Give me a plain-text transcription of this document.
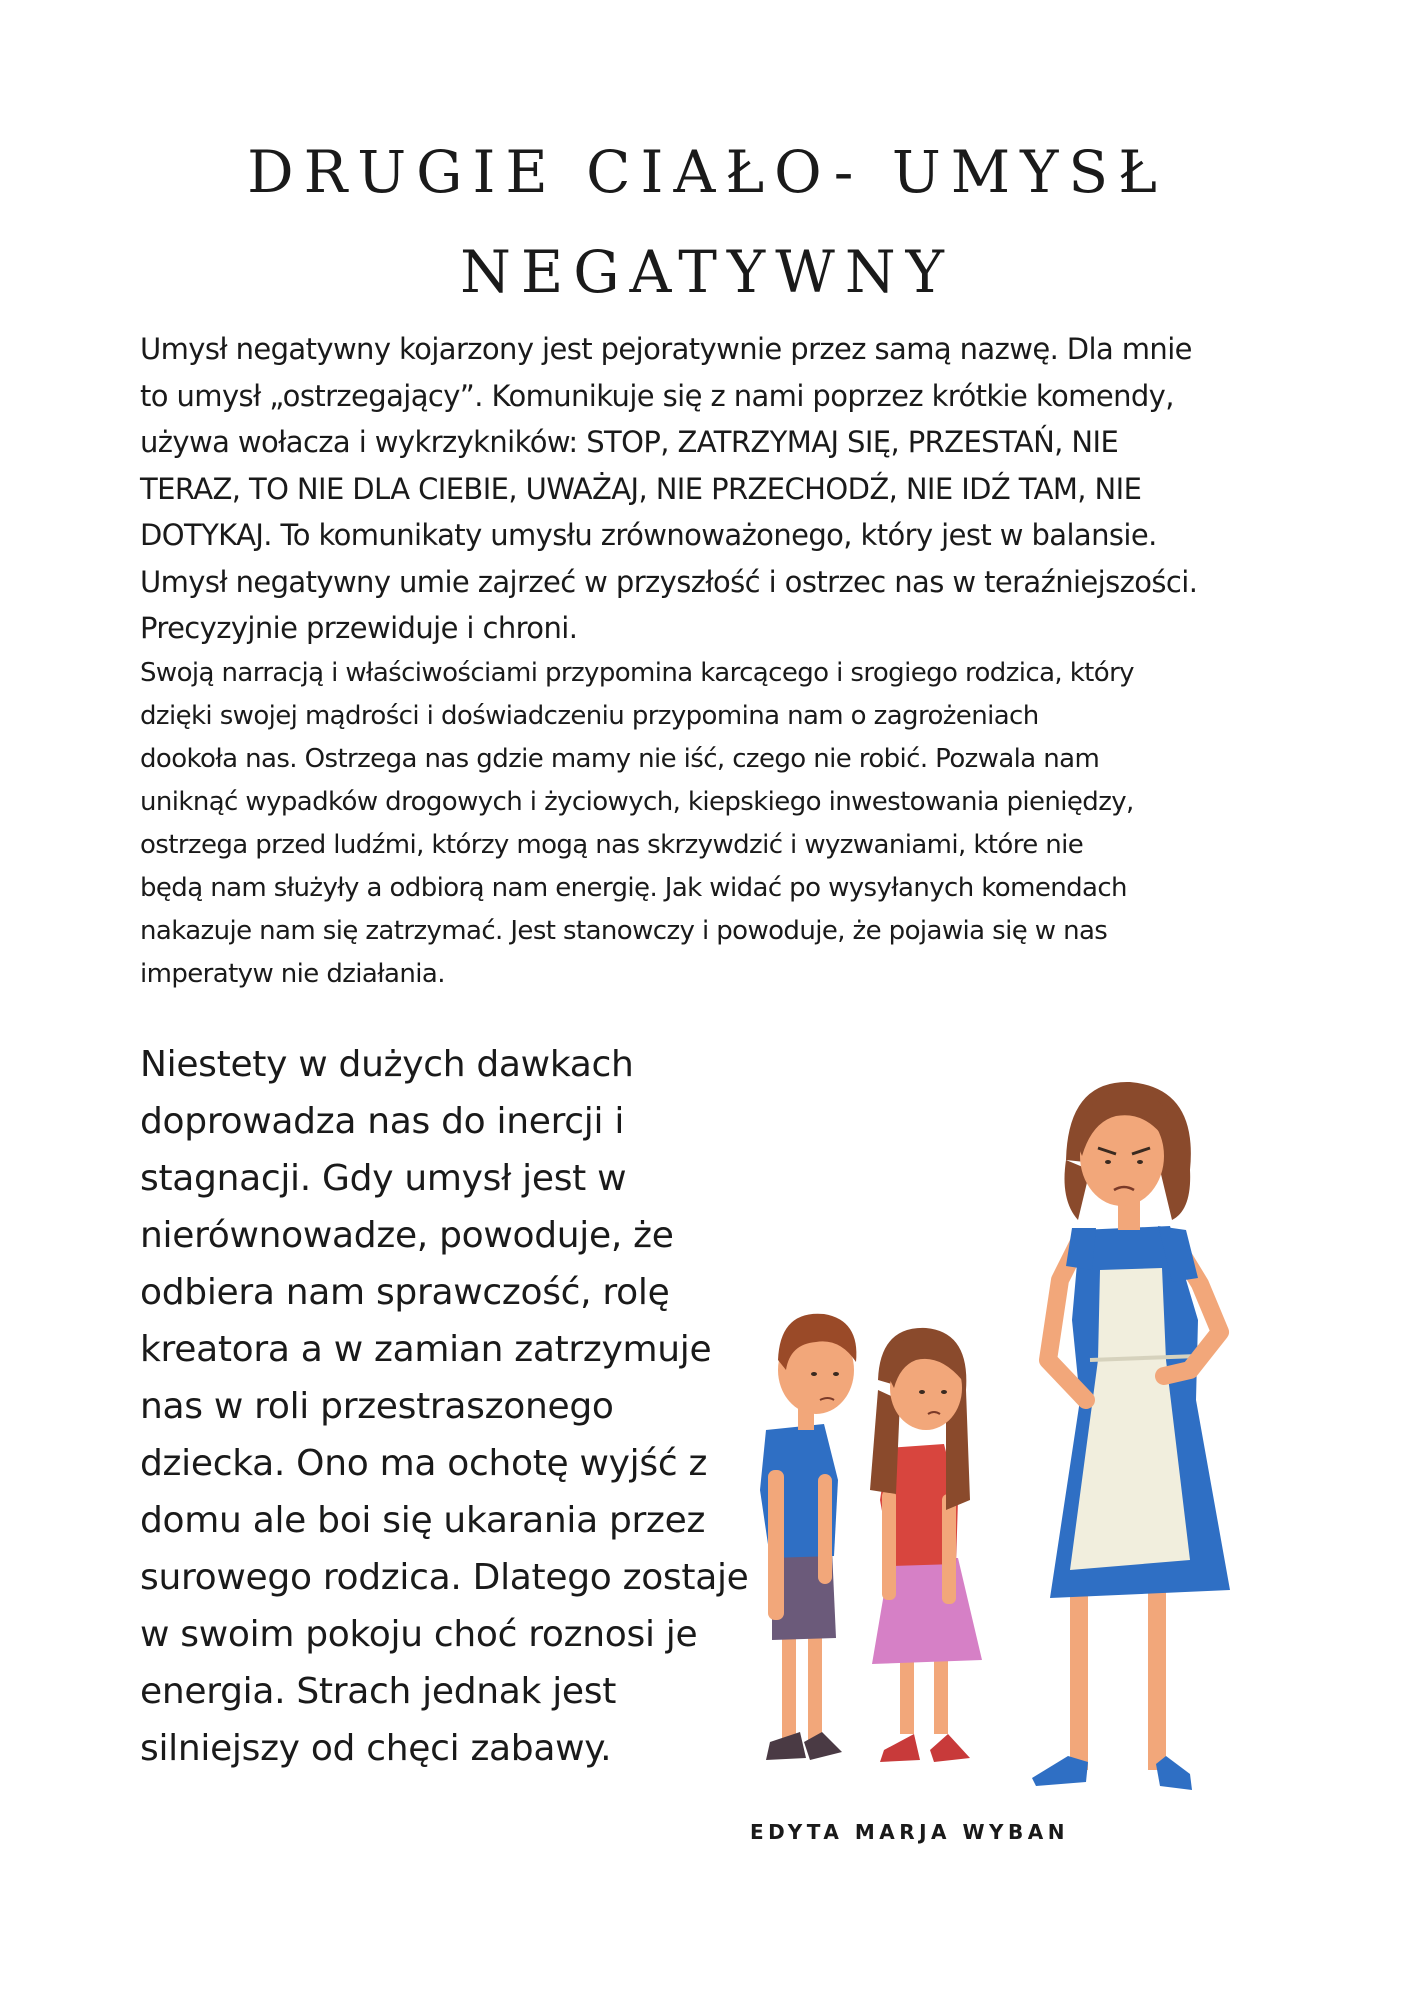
DRUGIE CIAŁO- UMYSŁ
NEGATYWNY

Umysł negatywny kojarzony jest pejoratywnie przez samą nazwę. Dla mnie
to umysł „ostrzegający”. Komunikuje się z nami poprzez krótkie komendy,
używa wołacza i wykrzykników: STOP, ZATRZYMAJ SIĘ, PRZESTAŃ, NIE
TERAZ, TO NIE DLA CIEBIE, UWAŻAJ, NIE PRZECHODŹ, NIE IDŹ TAM, NIE
DOTYKAJ. To komunikaty umysłu zrównoważonego, który jest w balansie.
Umysł negatywny umie zajrzeć w przyszłość i ostrzec nas w teraźniejszości.
Precyzyjnie przewiduje i chroni.

Swoją narracją i właściwościami przypomina karcącego i srogiego rodzica, który
dzięki swojej mądrości i doświadczeniu przypomina nam o zagrożeniach
dookoła nas. Ostrzega nas gdzie mamy nie iść, czego nie robić. Pozwala nam
uniknąć wypadków drogowych i życiowych, kiepskiego inwestowania pieniędzy,
ostrzega przed ludźmi, którzy mogą nas skrzywdzić i wyzwaniami, które nie
będą nam służyły a odbiorą nam energię. Jak widać po wysyłanych komendach
nakazuje nam się zatrzymać. Jest stanowczy i powoduje, że pojawia się w nas
imperatyw nie działania.

Niestety w dużych dawkach
doprowadza nas do inercji i
stagnacji. Gdy umysł jest w
nierównowadze, powoduje, że
odbiera nam sprawczość, rolę
kreatora a w zamian zatrzymuje
nas w roli przestraszonego
dziecka. Ono ma ochotę wyjść z
domu ale boi się ukarania przez
surowego rodzica. Dlatego zostaje
w swoim pokoju choć roznosi je
energia. Strach jednak jest
silniejszy od chęci zabawy.

EDYTA MARJA WYBAN
